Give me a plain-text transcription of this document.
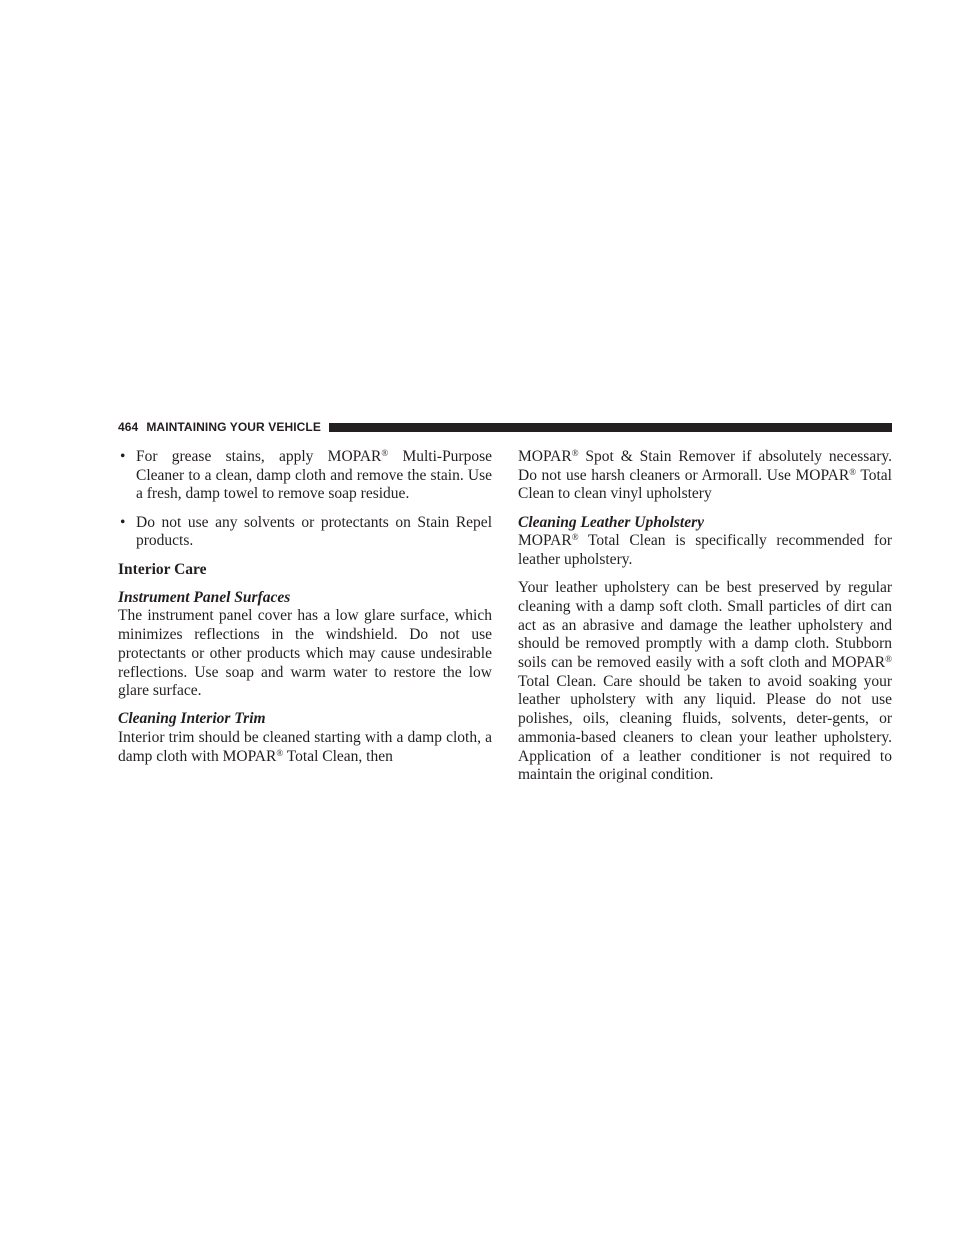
464 MAINTAINING YOUR VEHICLE
• For grease stains, apply MOPAR® Multi-Purpose Cleaner to a clean, damp cloth and remove the stain. Use a fresh, damp towel to remove soap residue.
• Do not use any solvents or protectants on Stain Repel products.
Interior Care
Instrument Panel Surfaces

The instrument panel cover has a low glare surface, which minimizes reflections in the windshield. Do not use protectants or other products which may cause undesirable reflections. Use soap and warm water to restore the low glare surface.

Cleaning Interior Trim

Interior trim should be cleaned starting with a damp cloth, a damp cloth with MOPAR® Total Clean, then

MOPAR® Spot & Stain Remover if absolutely necessary. Do not use harsh cleaners or Armorall. Use MOPAR® Total Clean to clean vinyl upholstery

Cleaning Leather Upholstery

MOPAR® Total Clean is specifically recommended for leather upholstery.

Your leather upholstery can be best preserved by regular cleaning with a damp soft cloth. Small particles of dirt can act as an abrasive and damage the leather upholstery and should be removed promptly with a damp cloth. Stubborn soils can be removed easily with a soft cloth and MOPAR® Total Clean. Care should be taken to avoid soaking your leather upholstery with any liquid. Please do not use polishes, oils, cleaning fluids, solvents, deter-gents, or ammonia-based cleaners to clean your leather upholstery. Application of a leather conditioner is not required to maintain the original condition.
